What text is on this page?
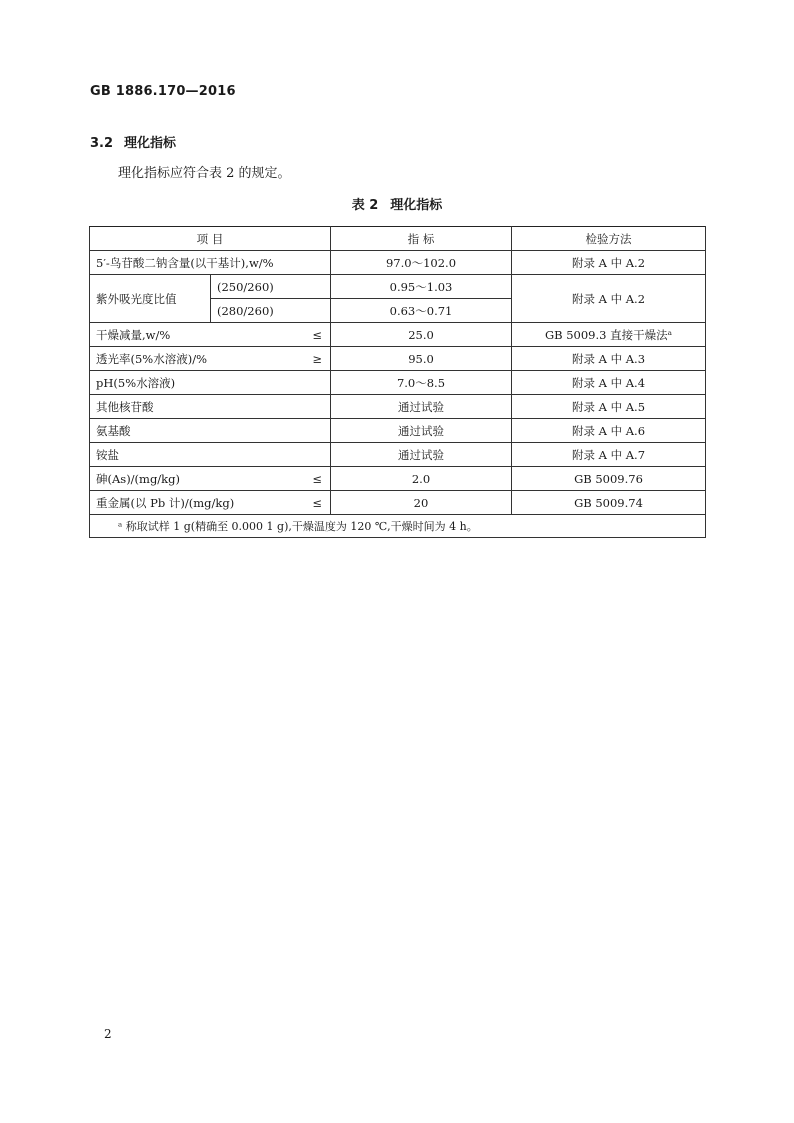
GB 1886.170—2016
3.2 理化指标
理化指标应符合表 2 的规定。
表 2 理化指标
项 目		指 标	检验方法

5′-鸟苷酸二钠含量(以干基计),w/%		97.0～102.0	附录 A 中 A.2
紫外吸光度比值	(250/260)	0.95～1.03	附录 A 中 A.2
	(280/260)	0.63～0.71	

干燥减量,w/% ≤		25.0	GB 5009.3 直接干燥法ᵃ

透光率(5%水溶液)/% ≥		95.0	附录 A 中 A.3

pH(5%水溶液)		7.0～8.5	附录 A 中 A.4

其他核苷酸		通过试验	附录 A 中 A.5

氨基酸		通过试验	附录 A 中 A.6

铵盐		通过试验	附录 A 中 A.7

砷(As)/(mg/kg) ≤		2.0	GB 5009.76

重金属(以 Pb 计)/(mg/kg) ≤		20	GB 5009.74
ᵃ 称取试样 1 g(精确至 0.000 1 g),干燥温度为 120 ℃,干燥时间为 4 h。			
2
